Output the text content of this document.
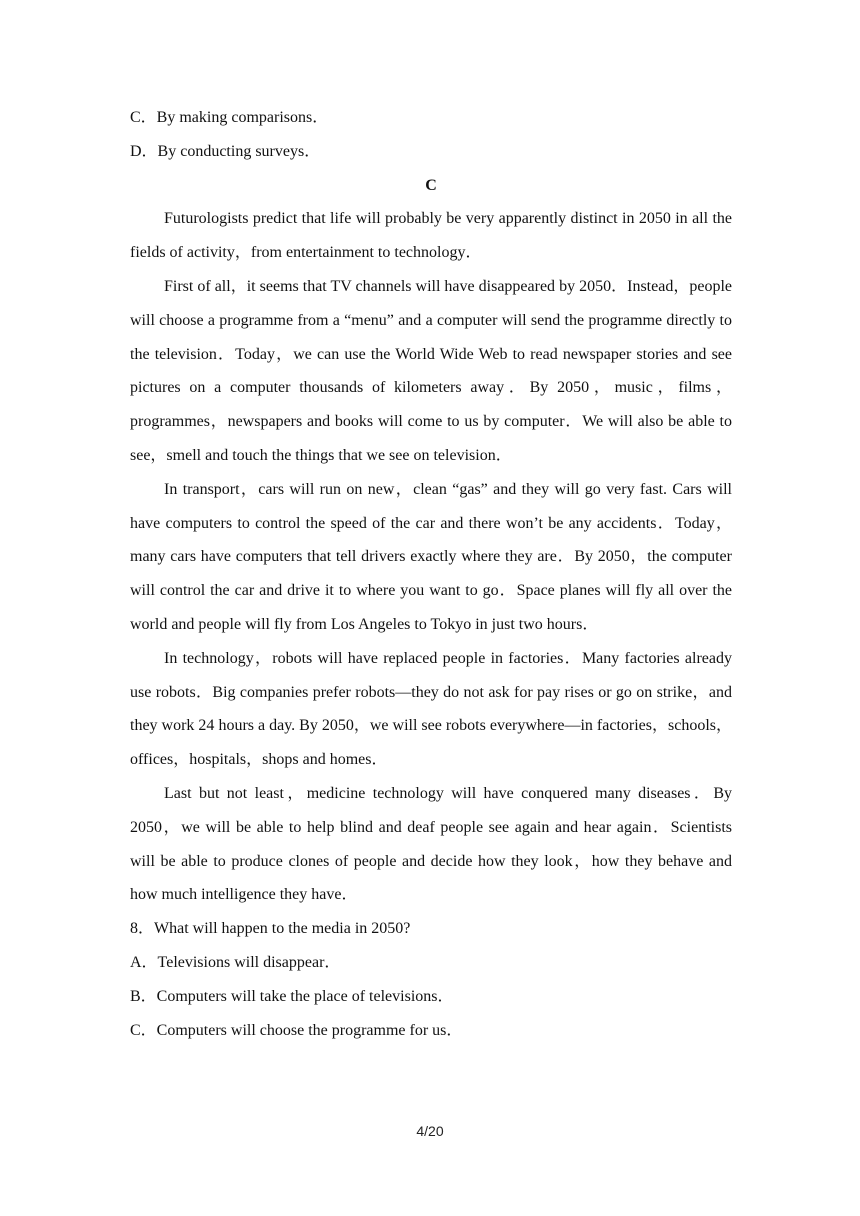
C．By making comparisons．

D．By conducting surveys．

C

Futurologists predict that life will probably be very apparently distinct in 2050 in all the fields of activity，from entertainment to technology．

First of all，it seems that TV channels will have disappeared by 2050．Instead，people will choose a programme from a “menu” and a computer will send the programme directly to the television．Today，we can use the World Wide Web to read newspaper stories and see pictures on a computer thousands of kilometers away．By 2050，music，films，programmes，newspapers and books will come to us by computer．We will also be able to see，smell and touch the things that we see on television．

In transport，cars will run on new，clean “gas” and they will go very fast. Cars will have computers to control the speed of the car and there won’t be any accidents．Today，many cars have computers that tell drivers exactly where they are．By 2050，the computer will control the car and drive it to where you want to go．Space planes will fly all over the world and people will fly from Los Angeles to Tokyo in just two hours．

In technology，robots will have replaced people in factories．Many factories already use robots．Big companies prefer robots—they do not ask for pay rises or go on strike，and they work 24 hours a day. By 2050，we will see robots everywhere—in factories，schools，offices，hospitals，shops and homes．

Last but not least，medicine technology will have conquered many diseases．By 2050，we will be able to help blind and deaf people see again and hear again．Scientists will be able to produce clones of people and decide how they look，how they behave and how much intelligence they have．

8．What will happen to the media in 2050?

A．Televisions will disappear．

B．Computers will take the place of televisions．

C．Computers will choose the programme for us．

4/20
